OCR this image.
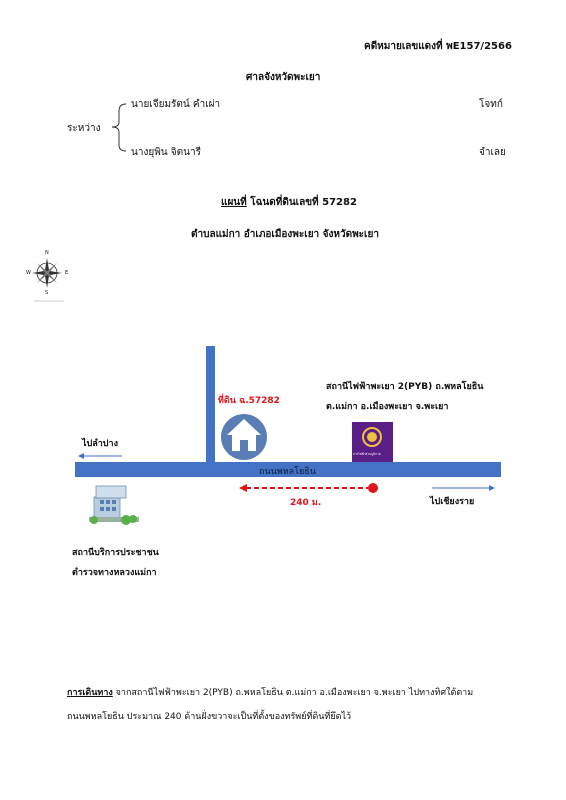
คดีหมายเลขแดงที่ พE157/2566
ศาลจังหวัดพะเยา
นายเจียมรัตน์ คำเผ่า	โจทก์
ระหว่าง
นางยุพิน จิตนารี	จำเลย
แผนที่ โฉนดที่ดินเลขที่ 57282
ตำบลแม่กา อำเภอเมืองพะเยา จังหวัดพะเยา
N
S
E
W
ที่ดิน ฉ.57282
สถานีไฟฟ้าพะเยา 2(PYB) ถ.พหลโยธิน
ต.แม่กา อ.เมืองพะเยา จ.พะเยา
การไฟฟ้าส่วนภูมิภาค
ไปลำปาง
ถนนพหลโยธิน
ไปเชียงราย
240 ม.
สถานีบริการประชาชน
ตำรวจทางหลวงแม่กา
การเดินทาง จากสถานีไฟฟ้าพะเยา 2(PYB) ถ.พหลโยธิน ต.แม่กา อ.เมืองพะเยา จ.พะเยา ไปทางทิศใต้ตาม
ถนนพหลโยธิน ประมาณ 240 ด้านฝั่งขวาจะเป็นที่ตั้งของทรัพย์ที่ดินที่ยึดไว้
